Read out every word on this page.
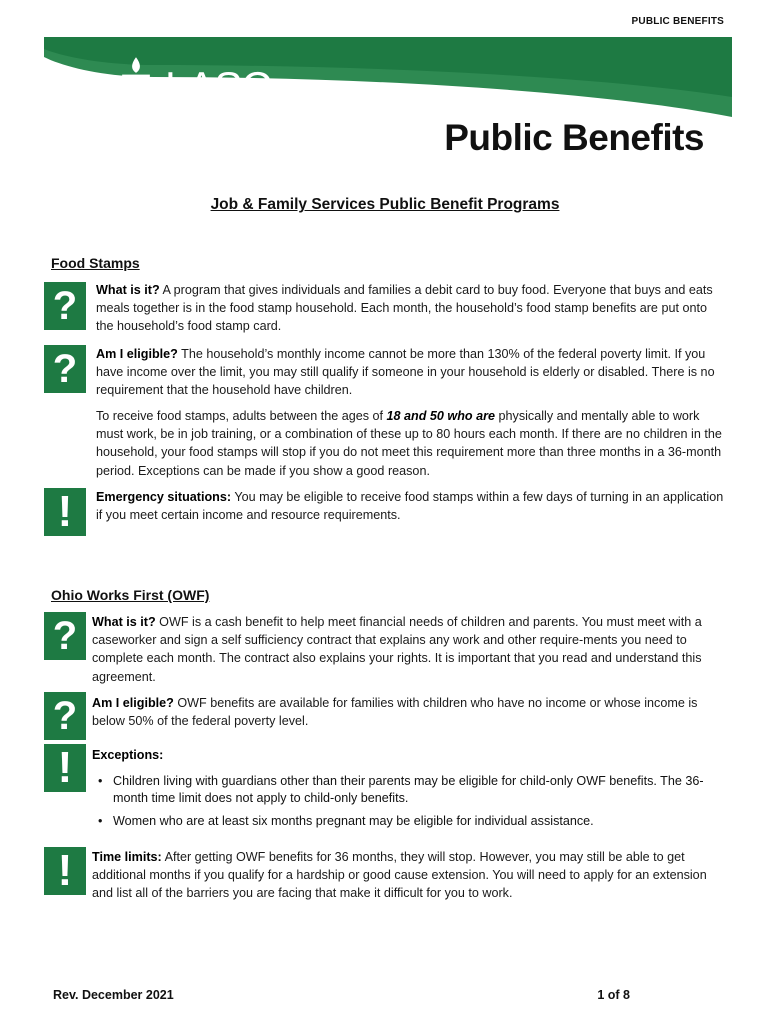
PUBLIC BENEFITS
LASC
The Legal Aid Society of Columbus
Public Benefits
Job & Family Services Public Benefit Programs
Food Stamps
?	What is it? A program that gives individuals and families a debit card to buy food. Everyone that buys and eats meals together is in the food stamp household. Each month, the household’s food stamp benefits are put onto the household’s food stamp card.
?	Am I eligible? The household’s monthly income cannot be more than 130% of the federal poverty limit. If you have income over the limit, you may still qualify if someone in your household is elderly or disabled. There is no requirement that the household have children.
To receive food stamps, adults between the ages of 18 and 50 who are physically and mentally able to work must work, be in job training, or a combination of these up to 80 hours each month. If there are no children in the household, your food stamps will stop if you do not meet this requirement more than three months in a 36-month period. Exceptions can be made if you show a good reason.
!	Emergency situations: You may be eligible to receive food stamps within a few days of turning in an application if you meet certain income and resource requirements.
Ohio Works First (OWF)
?	What is it? OWF is a cash benefit to help meet financial needs of children and parents. You must meet with a caseworker and sign a self sufficiency contract that explains any work and other require-ments you need to complete each month. The contract also explains your rights. It is important that you read and understand this agreement.
?	Am I eligible? OWF benefits are available for families with children who have no income or whose income is below 50% of the federal poverty level.
!	Exceptions:
• Children living with guardians other than their parents may be eligible for child-only OWF benefits. The 36-month time limit does not apply to child-only benefits.
• Women who are at least six months pregnant may be eligible for individual assistance.
!	Time limits: After getting OWF benefits for 36 months, they will stop. However, you may still be able to get additional months if you qualify for a hardship or good cause extension. You will need to apply for an extension and list all of the barriers you are facing that make it difficult for you to work.
Rev. December 2021	1 of 8
